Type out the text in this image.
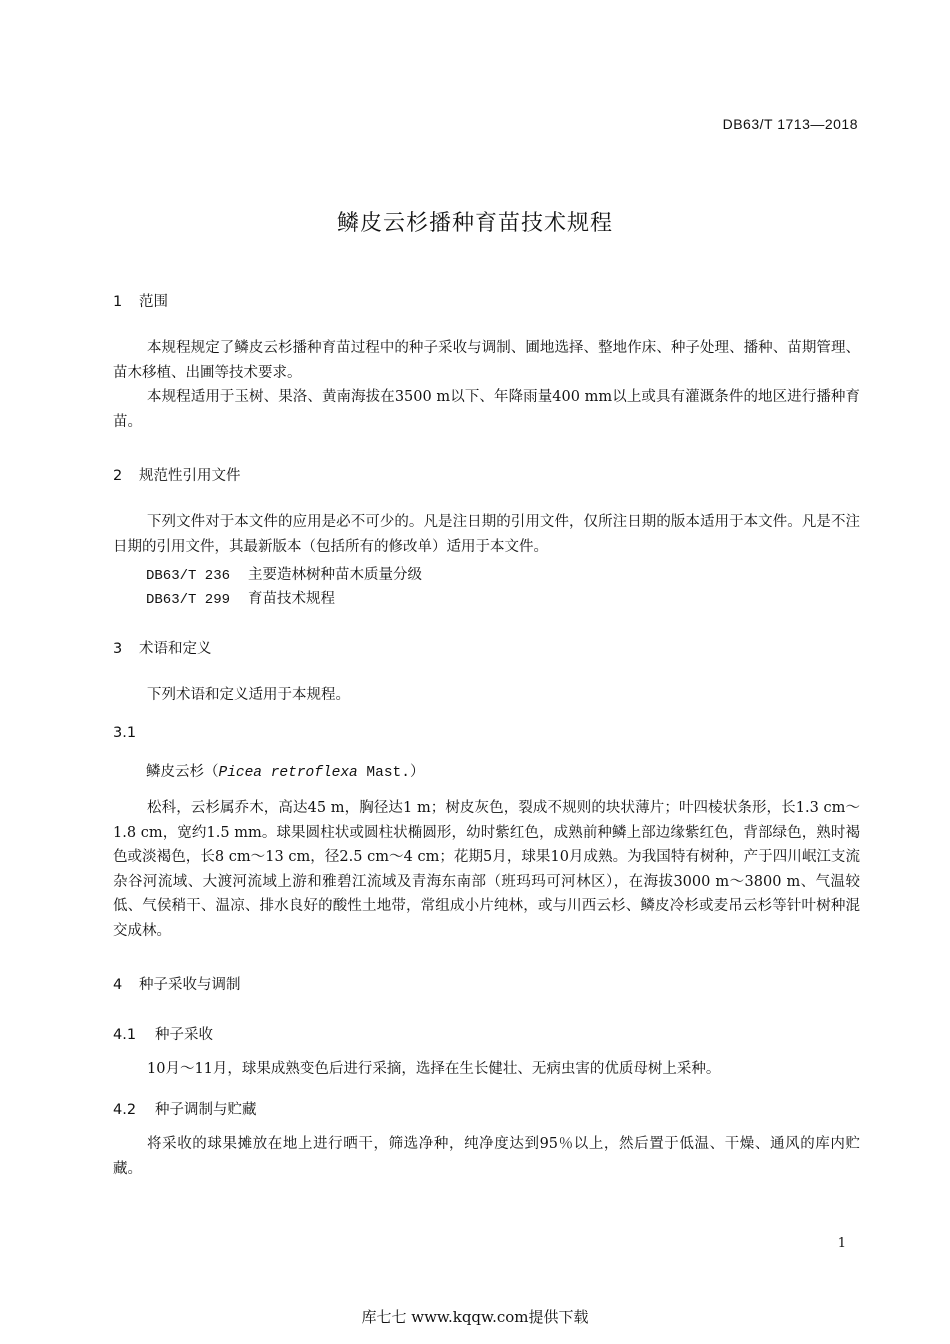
DB63/T 1713—2018
鳞皮云杉播种育苗技术规程
1 范围
本规程规定了鳞皮云杉播种育苗过程中的种子采收与调制、圃地选择、整地作床、种子处理、播种、苗期管理、苗木移植、出圃等技术要求。
本规程适用于玉树、果洛、黄南海拔在3500 m以下、年降雨量400 mm以上或具有灌溉条件的地区进行播种育苗。
2 规范性引用文件
下列文件对于本文件的应用是必不可少的。凡是注日期的引用文件，仅所注日期的版本适用于本文件。凡是不注日期的引用文件，其最新版本（包括所有的修改单）适用于本文件。
DB63/T 236 主要造林树种苗木质量分级
DB63/T 299 育苗技术规程
3 术语和定义
下列术语和定义适用于本规程。
3.1
鳞皮云杉（Picea retroflexa Mast.）
松科，云杉属乔木，高达45 m，胸径达1 m；树皮灰色，裂成不规则的块状薄片；叶四棱状条形，长1.3 cm～1.8 cm，宽约1.5 mm。球果圆柱状或圆柱状椭圆形，幼时紫红色，成熟前种鳞上部边缘紫红色，背部绿色，熟时褐色或淡褐色，长8 cm～13 cm，径2.5 cm～4 cm；花期5月，球果10月成熟。为我国特有树种，产于四川岷江支流杂谷河流域、大渡河流域上游和雅碧江流域及青海东南部（班玛玛可河林区），在海拔3000 m～3800 m、气温较低、气侯稍干、温凉、排水良好的酸性土地带，常组成小片纯林，或与川西云杉、鳞皮冷杉或麦吊云杉等针叶树种混交成林。
4 种子采收与调制
4.1 种子采收
10月～11月，球果成熟变色后进行采摘，选择在生长健壮、无病虫害的优质母树上采种。
4.2 种子调制与贮藏
将采收的球果摊放在地上进行晒干，筛选净种，纯净度达到95％以上，然后置于低温、干燥、通风的库内贮藏。
1
库七七 www.kqqw.com提供下载
